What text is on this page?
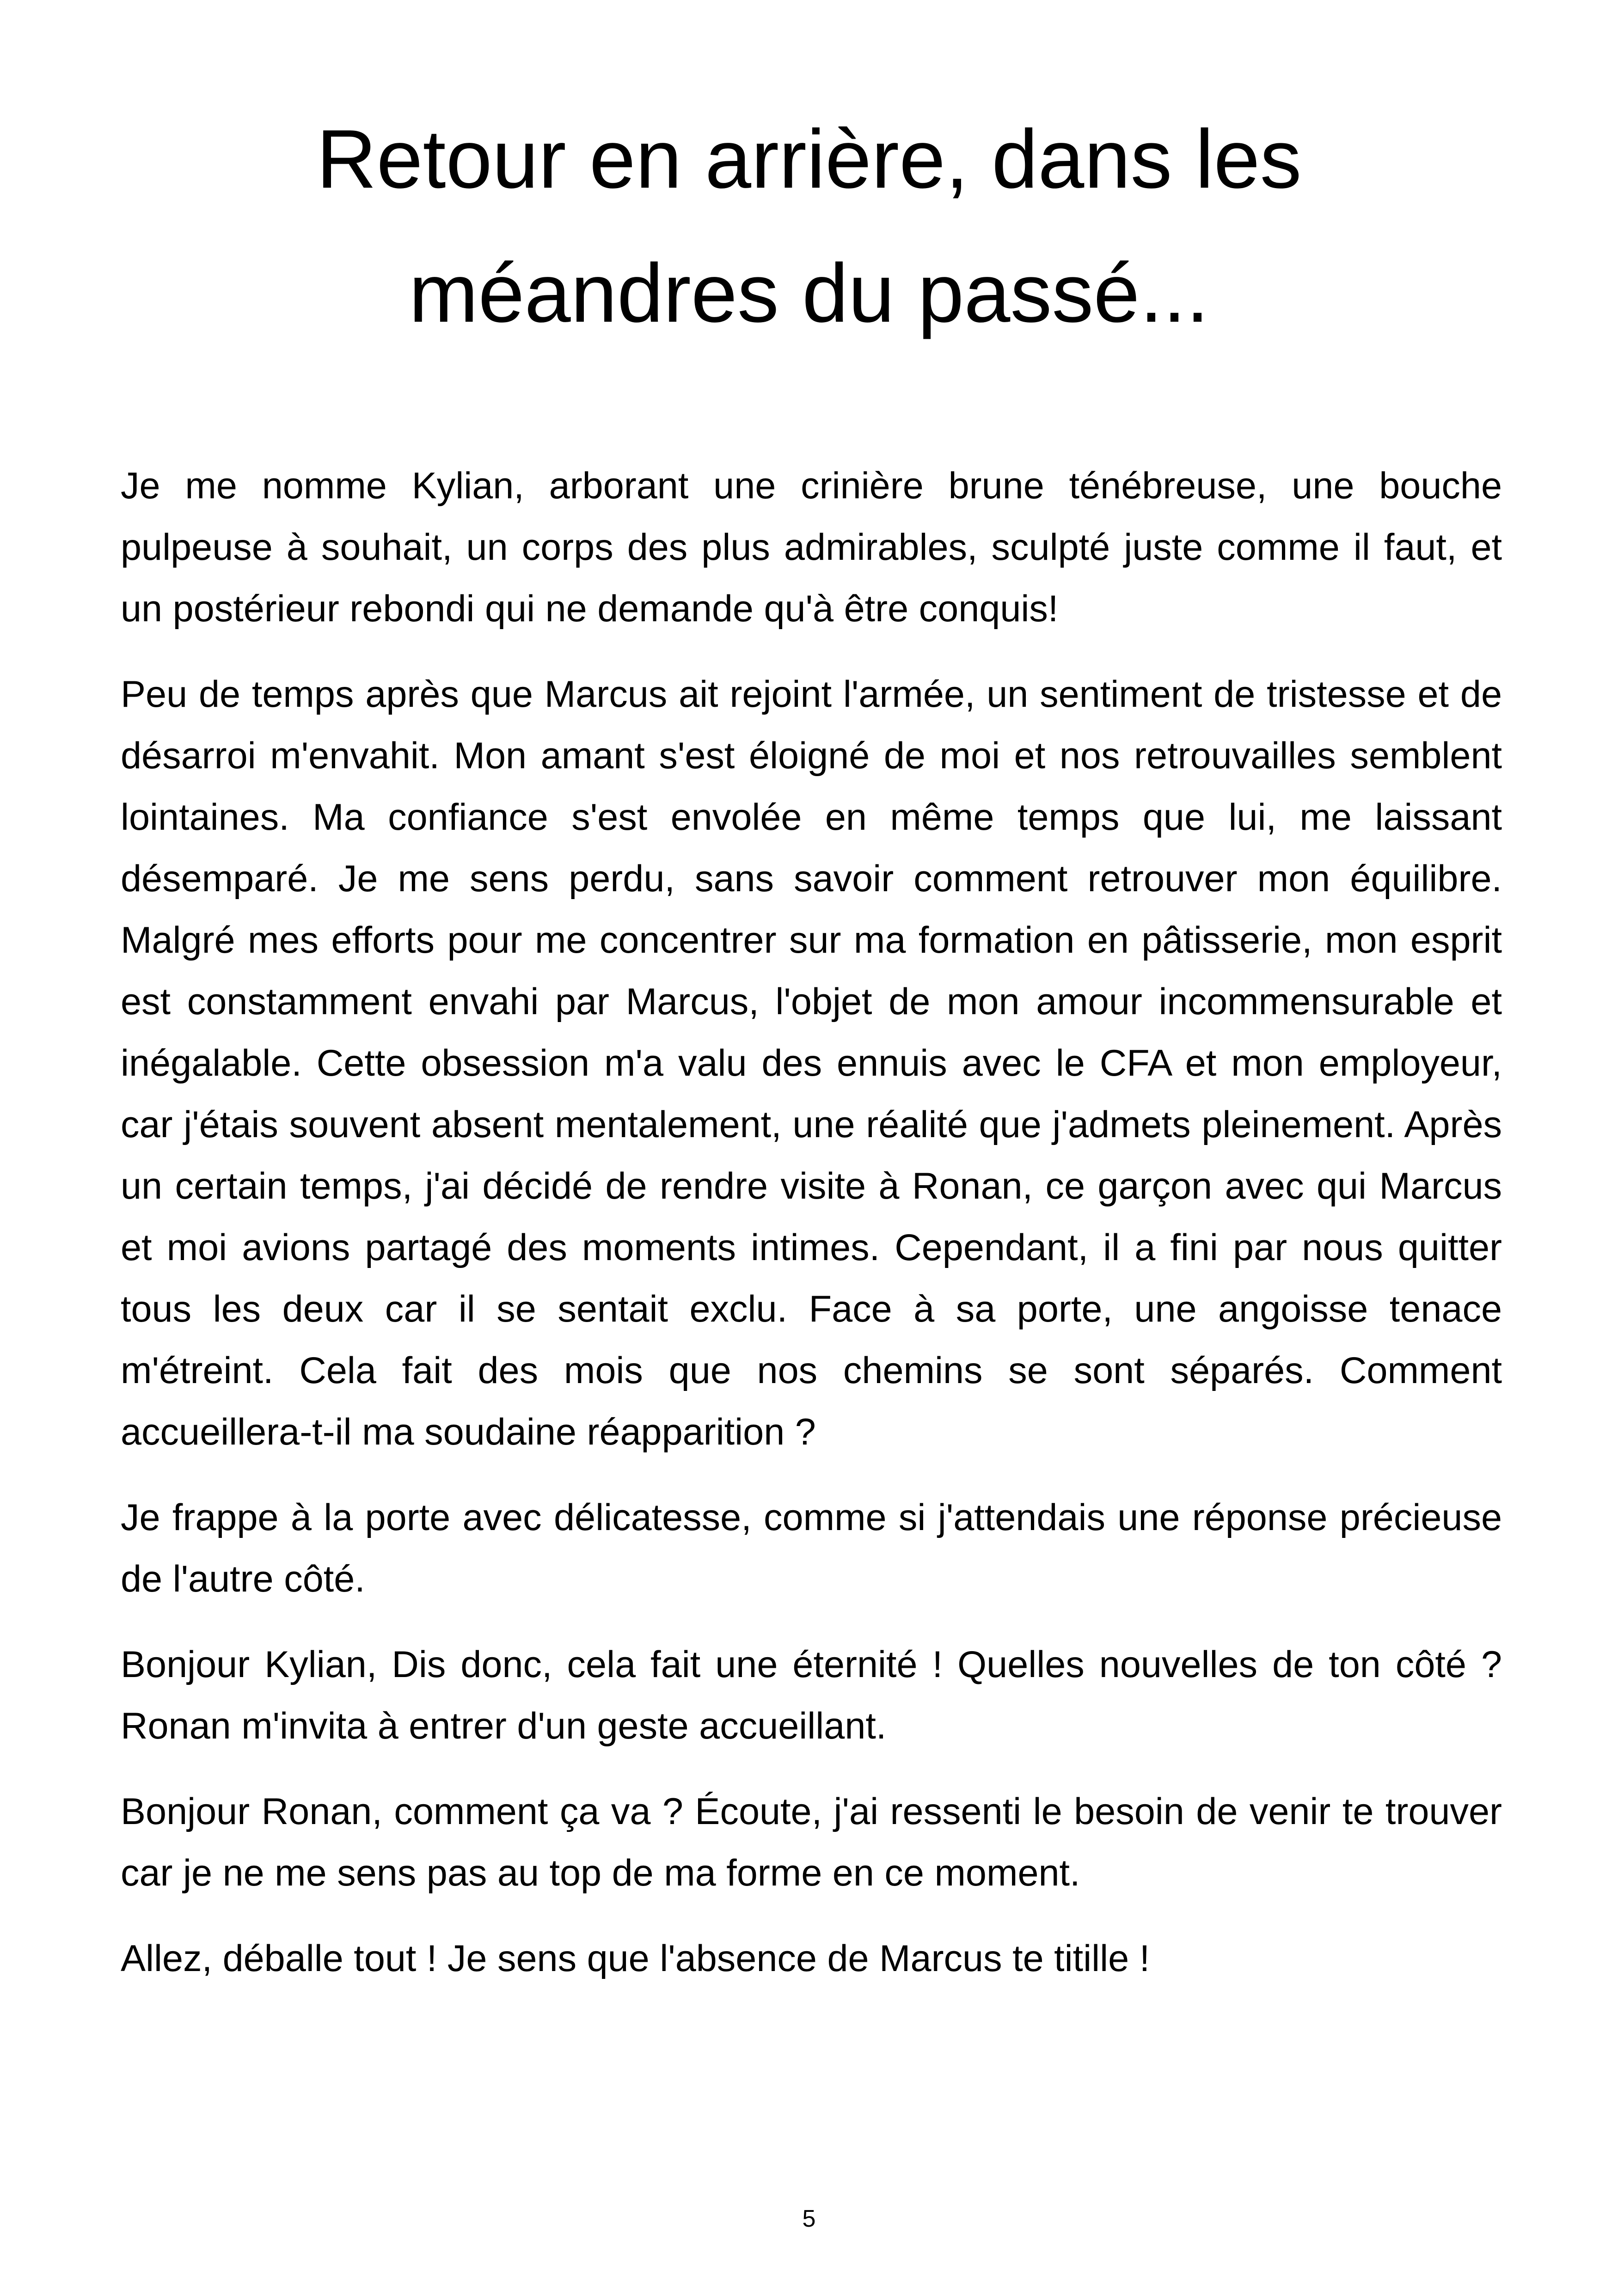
Retour en arrière, dans les
méandres du passé...

Je me nomme Kylian, arborant une crinière brune ténébreuse, une bouche pulpeuse à souhait, un corps des plus admirables, sculpté juste comme il faut, et un postérieur rebondi qui ne demande qu'à être conquis!

Peu de temps après que Marcus ait rejoint l'armée, un sentiment de tristesse et de désarroi m'envahit. Mon amant s'est éloigné de moi et nos retrouvailles semblent lointaines. Ma confiance s'est envolée en même temps que lui, me laissant désemparé. Je me sens perdu, sans savoir comment retrouver mon équilibre. Malgré mes efforts pour me concentrer sur ma formation en pâtisserie, mon esprit est constamment envahi par Marcus, l'objet de mon amour incommensurable et inégalable. Cette obsession m'a valu des ennuis avec le CFA et mon employeur, car j'étais souvent absent mentalement, une réalité que j'admets pleinement. Après un certain temps, j'ai décidé de rendre visite à Ronan, ce garçon avec qui Marcus et moi avions partagé des moments intimes. Cependant, il a fini par nous quitter tous les deux car il se sentait exclu. Face à sa porte, une angoisse tenace m'étreint. Cela fait des mois que nos chemins se sont séparés. Comment accueillera-t-il ma soudaine réapparition ?

Je frappe à la porte avec délicatesse, comme si j'attendais une réponse précieuse de l'autre côté.

Bonjour Kylian, Dis donc, cela fait une éternité ! Quelles nouvelles de ton côté ? Ronan m'invita à entrer d'un geste accueillant.

Bonjour Ronan, comment ça va ? Écoute, j'ai ressenti le besoin de venir te trouver car je ne me sens pas au top de ma forme en ce moment.

Allez, déballe tout ! Je sens que l'absence de Marcus te titille !

5
